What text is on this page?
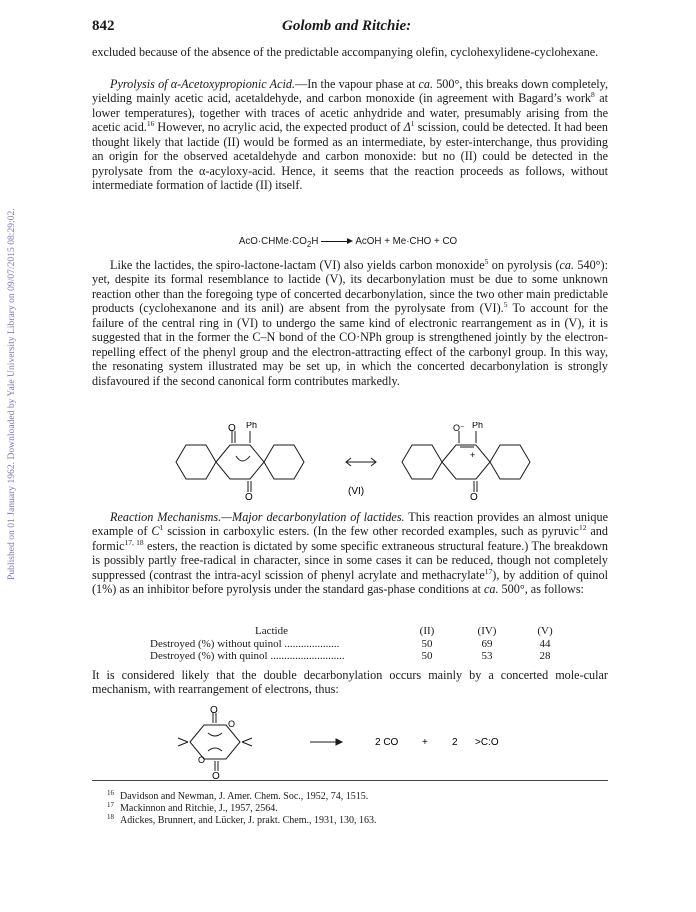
Published on 01 January 1962. Downloaded by Yale University Library on 09/07/2015 08:29:02.
842	Golomb and Ritchie:
excluded because of the absence of the predictable accompanying olefin, cyclohexylidene-cyclohexane.
Pyrolysis of α-Acetoxypropionic Acid.—In the vapour phase at ca. 500°, this breaks down completely, yielding mainly acetic acid, acetaldehyde, and carbon monoxide (in agreement with Bagard’s work$^8$ at lower temperatures), together with traces of acetic anhydride and water, presumably arising from the acetic acid.$^{16}$ However, no acrylic acid, the expected product of $\Delta^1$ scission, could be detected. It had been thought likely that lactide (II) would be formed as an intermediate, by ester-interchange, thus providing an origin for the observed acetaldehyde and carbon monoxide: but no (II) could be detected in the pyrolysate from the α-acyloxy-acid. Hence, it seems that the reaction proceeds as follows, without intermediate formation of lactide (II) itself.
$AcO\cdot CHMe\cdot CO_2H$	AcOH + Me·CHO + CO
Like the lactides, the spiro-lactone-lactam (VI) also yields carbon monoxide$^5$ on pyrolysis (ca. 540°): yet, despite its formal resemblance to lactide (V), its decarbonylation must be due to some unknown reaction other than the foregoing type of concerted decarbonylation, since the two other main predictable products (cyclohexanone and its anil) are absent from the pyrolysate from (VI).$^5$ To account for the failure of the central ring in (VI) to undergo the same kind of electronic rearrangement as in (V), it is suggested that in the former the C–N bond of the CO·NPh group is strengthened jointly by the electron-repelling effect of the phenyl group and the electron-attracting effect of the carbonyl group. In this way, the resonating system illustrated may be set up, in which the concerted decarbonylation is strongly disfavoured if the second canonical form contributes markedly.
O Ph
O	O
O⁻ Ph
+
(VI)
Reaction Mechanisms.—Major decarbonylation of lactides. This reaction provides an almost unique example of $C^1$ scission in carboxylic esters. (In the few other recorded examples, such as pyruvic$^{12}$ and formic$^{17, 18}$ esters, the reaction is dictated by some specific extraneous structural feature.) The breakdown is possibly partly free-radical in character, since in some cases it can be reduced, though not completely suppressed (contrast the intra-acyl scission of phenyl acrylate and methacrylate$^{17}$), by addition of quinol (1%) as an inhibitor before pyrolysis under the standard gas-phase conditions at ca. 500°, as follows:
Lactide	(II)	(IV)	(V)
Destroyed (%) without quinol ....................	50	69	44
Destroyed (%) with quinol ...........................	50	53	28
It is considered likely that the double decarbonylation occurs mainly by a concerted mole-cular mechanism, with rearrangement of electrons, thus:
O
O
O
O
2 CO + 2 >C:O
16 Davidson and Newman, J. Amer. Chem. Soc., 1952, 74, 1515.
17 Mackinnon and Ritchie, J., 1957, 2564.
18 Adickes, Brunnert, and Lücker, J. prakt. Chem., 1931, 130, 163.
